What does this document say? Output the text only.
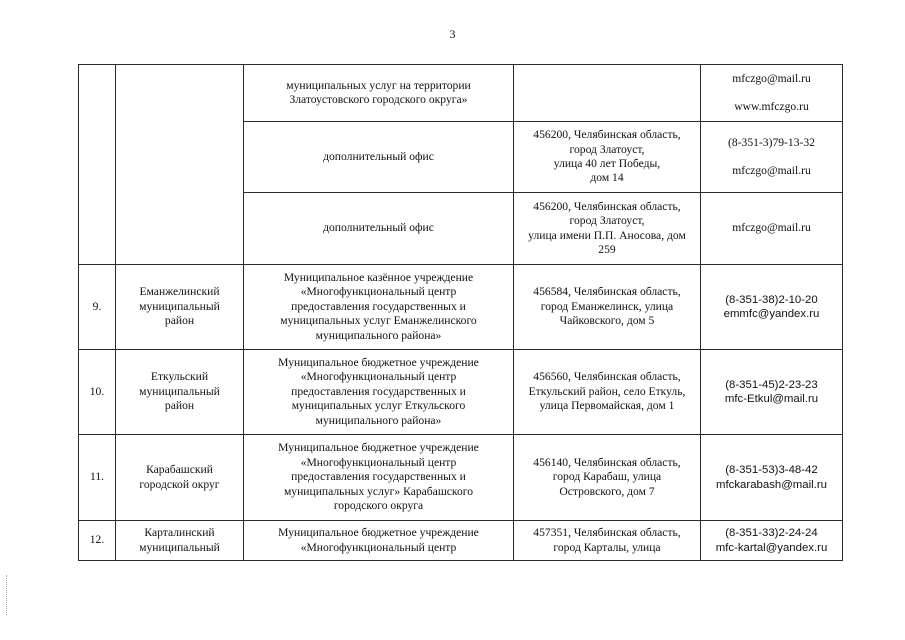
3

		муниципальных услуг на территории
Златоустовского городского округа»		mfczgo@mail.ru
www.mfczgo.ru

		дополнительный офис	456200, Челябинская область,
город Златоуст,
улица 40 лет Победы,
дом 14	(8-351-3)79-13-32
mfczgo@mail.ru

		дополнительный офис	456200, Челябинская область,
город Златоуст,
улица имени П.П. Аносова, дом
259	mfczgo@mail.ru

9.	Еманжелинский
муниципальный
район	Муниципальное казённое учреждение
«Многофункциональный центр
предоставления государственных и
муниципальных услуг Еманжелинского
муниципального района»	456584, Челябинская область,
город Еманжелинск, улица
Чайковского, дом 5	(8-351-38)2-10-20
emmfc@yandex.ru

10.	Еткульский
муниципальный
район	Муниципальное бюджетное учреждение
«Многофункциональный центр
предоставления государственных и
муниципальных услуг Еткульского
муниципального района»	456560, Челябинская область,
Еткульский район, село Еткуль,
улица Первомайская, дом 1	(8-351-45)2-23-23
mfc-Etkul@mail.ru

11.	Карабашский
городской округ	Муниципальное бюджетное учреждение
«Многофункциональный центр
предоставления государственных и
муниципальных услуг» Карабашского
городского округа	456140, Челябинская область,
город Карабаш, улица
Островского, дом 7	(8-351-53)3-48-42
mfckarabash@mail.ru

12.	Карталинский
муниципальный	Муниципальное бюджетное учреждение
«Многофункциональный центр	457351, Челябинская область,
город Карталы, улица	(8-351-33)2-24-24
mfc-kartal@yandex.ru
